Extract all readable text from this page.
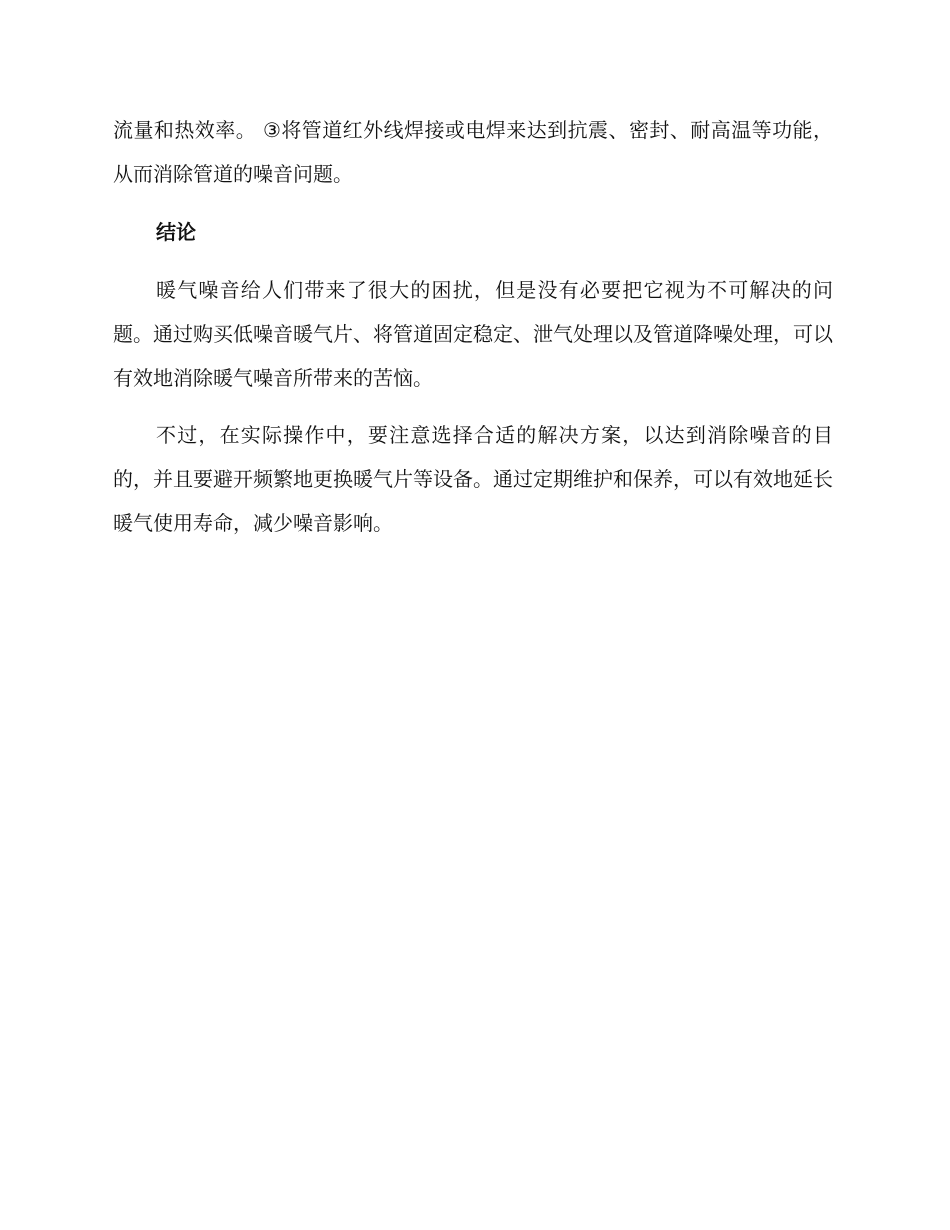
流量和热效率。 ③将管道红外线焊接或电焊来达到抗震、密封、耐高温等功能，从而消除管道的噪音问题。

结论

暖气噪音给人们带来了很大的困扰，但是没有必要把它视为不可解决的问题。通过购买低噪音暖气片、将管道固定稳定、泄气处理以及管道降噪处理，可以有效地消除暖气噪音所带来的苦恼。

不过，在实际操作中，要注意选择合适的解决方案，以达到消除噪音的目的，并且要避开频繁地更换暖气片等设备。通过定期维护和保养，可以有效地延长暖气使用寿命，减少噪音影响。
